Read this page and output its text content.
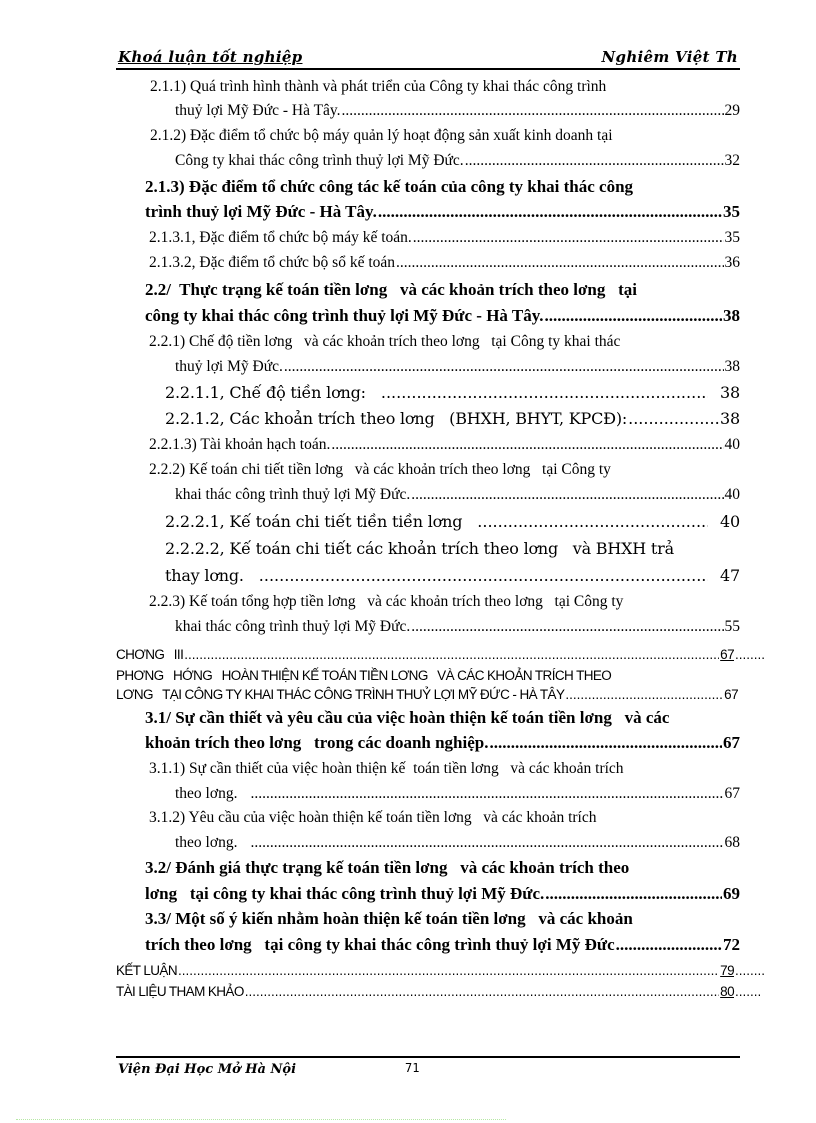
Khoá luận tốt nghiệp	Nghiêm Việt Th
2.1.1) Quá trình hình thành và phát triển của Công ty khai thác công trình
thuỷ lợi Mỹ Đức - Hà Tây. .....	29
2.1.2) Đặc điểm tổ chức bộ máy quản lý hoạt động sản xuất kinh doanh tại
Công ty khai thác công trình thuỷ lợi Mỹ Đức. .....	32
2.1.3) Đặc điểm tổ chức công tác kế toán của công ty khai thác công
trình thuỷ lợi Mỹ Đức - Hà Tây. .....	35
2.1.3.1, Đặc điểm tổ chức bộ máy kế toán. .....	35
2.1.3.2, Đặc điểm tổ chức bộ sổ kế toán .....	36
2.2/  Thực trạng kế toán tiền lơng   và các khoản trích theo lơng   tại
công ty khai thác công trình thuỷ lợi Mỹ Đức - Hà Tây. .....	38
2.2.1) Chế độ tiền lơng   và các khoản trích theo lơng   tại Công ty khai thác
thuỷ lợi Mỹ Đức. .....	38
2.2.1.1, Chế độ tiền lơng: .....	38
2.2.1.2, Các khoản trích theo lơng   (BHXH, BHYT, KPCĐ): .....	38
2.2.1.3) Tài khoản hạch toán. .....	40
2.2.2) Kế toán chi tiết tiền lơng   và các khoản trích theo lơng   tại Công ty
khai thác công trình thuỷ lợi Mỹ Đức. .....	40
2.2.2.1, Kế toán chi tiết tiền tiền lơng .....	40
2.2.2.2, Kế toán chi tiết các khoản trích theo lơng   và BHXH trả
thay lơng. .....	47
2.2.3) Kế toán tổng hợp tiền lơng   và các khoản trích theo lơng   tại Công ty
khai thác công trình thuỷ lợi Mỹ Đức. .....	55
CHƠNG   III .....	67
.....
PHƠNG   HỚNG   HOÀN THIỆN KẾ TOÁN TIỀN LƠNG   VÀ CÁC KHOẢN TRÍCH THEO
LƠNG   TẠI CÔNG TY KHAI THÁC CÔNG TRÌNH THUỶ LỢI MỸ ĐỨC - HÀ TÂY .....	67
3.1/ Sự cần thiết và yêu cầu của việc hoàn thiện kế toán tiền lơng   và các
khoản trích theo lơng   trong các doanh nghiệp. .....	67
3.1.1) Sự cần thiết của việc hoàn thiện kế  toán tiền lơng   và các khoản trích
theo lơng. .....	67
3.1.2) Yêu cầu của việc hoàn thiện kế toán tiền lơng   và các khoản trích
theo lơng. .....	68
3.2/ Đánh giá thực trạng kế toán tiền lơng   và các khoản trích theo
lơng   tại công ty khai thác công trình thuỷ lợi Mỹ Đức. .....	69
3.3/ Một số ý kiến nhằm hoàn thiện kế toán tiền lơng   và các khoản
trích theo lơng   tại công ty khai thác công trình thuỷ lợi Mỹ Đức .....	72
KẾT LUẬN .....	79
.....
TÀI LIỆU THAM KHẢO .....	80
.....
Viện Đại Học Mở Hà Nội	71
